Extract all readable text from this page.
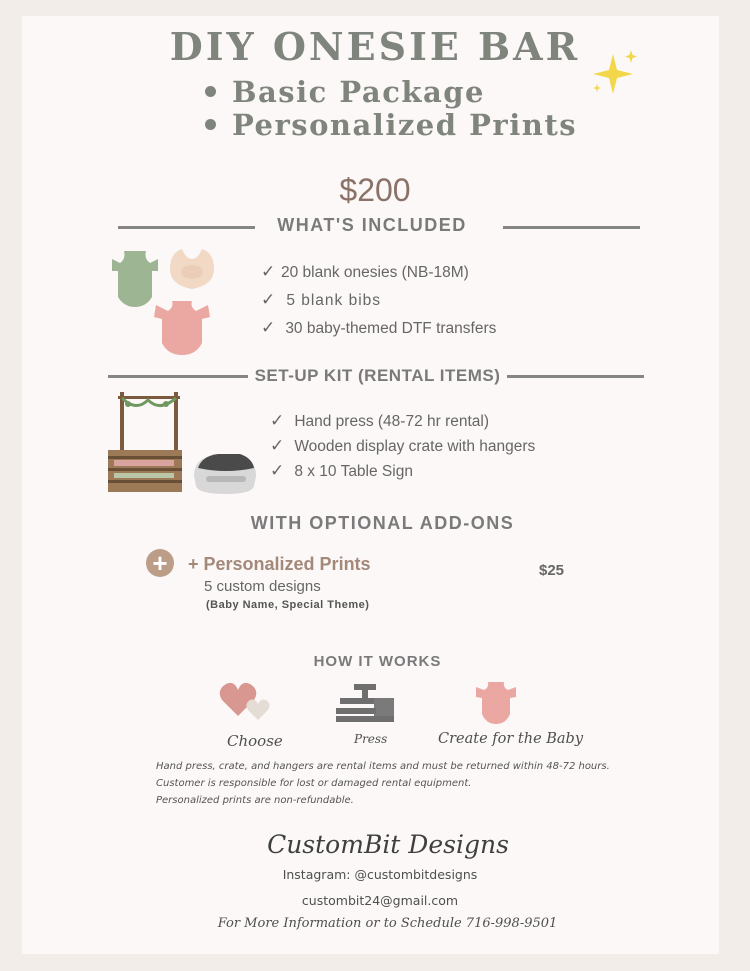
DIY ONESIE BAR
Basic Package
Personalized Prints
$200
WHAT'S INCLUDED
✓ 20 blank onesies (NB-18M)
✓ 5 blank bibs
✓ 30 baby-themed DTF transfers
SET-UP KIT (RENTAL ITEMS)
✓ Hand press (48-72 hr rental)
✓ Wooden display crate with hangers
✓ 8 x 10 Table Sign
WITH OPTIONAL ADD-ONS
+	+ Personalized Prints
5 custom designs
(Baby Name, Special Theme)
$25
HOW IT WORKS
Choose	Press	Create for the Baby
Hand press, crate, and hangers are rental items and must be returned within 48-72 hours.
Customer is responsible for lost or damaged rental equipment.
Personalized prints are non-refundable.
CustomBit Designs
Instagram: @custombitdesigns
custombit24@gmail.com
For More Information or to Schedule 716-998-9501
